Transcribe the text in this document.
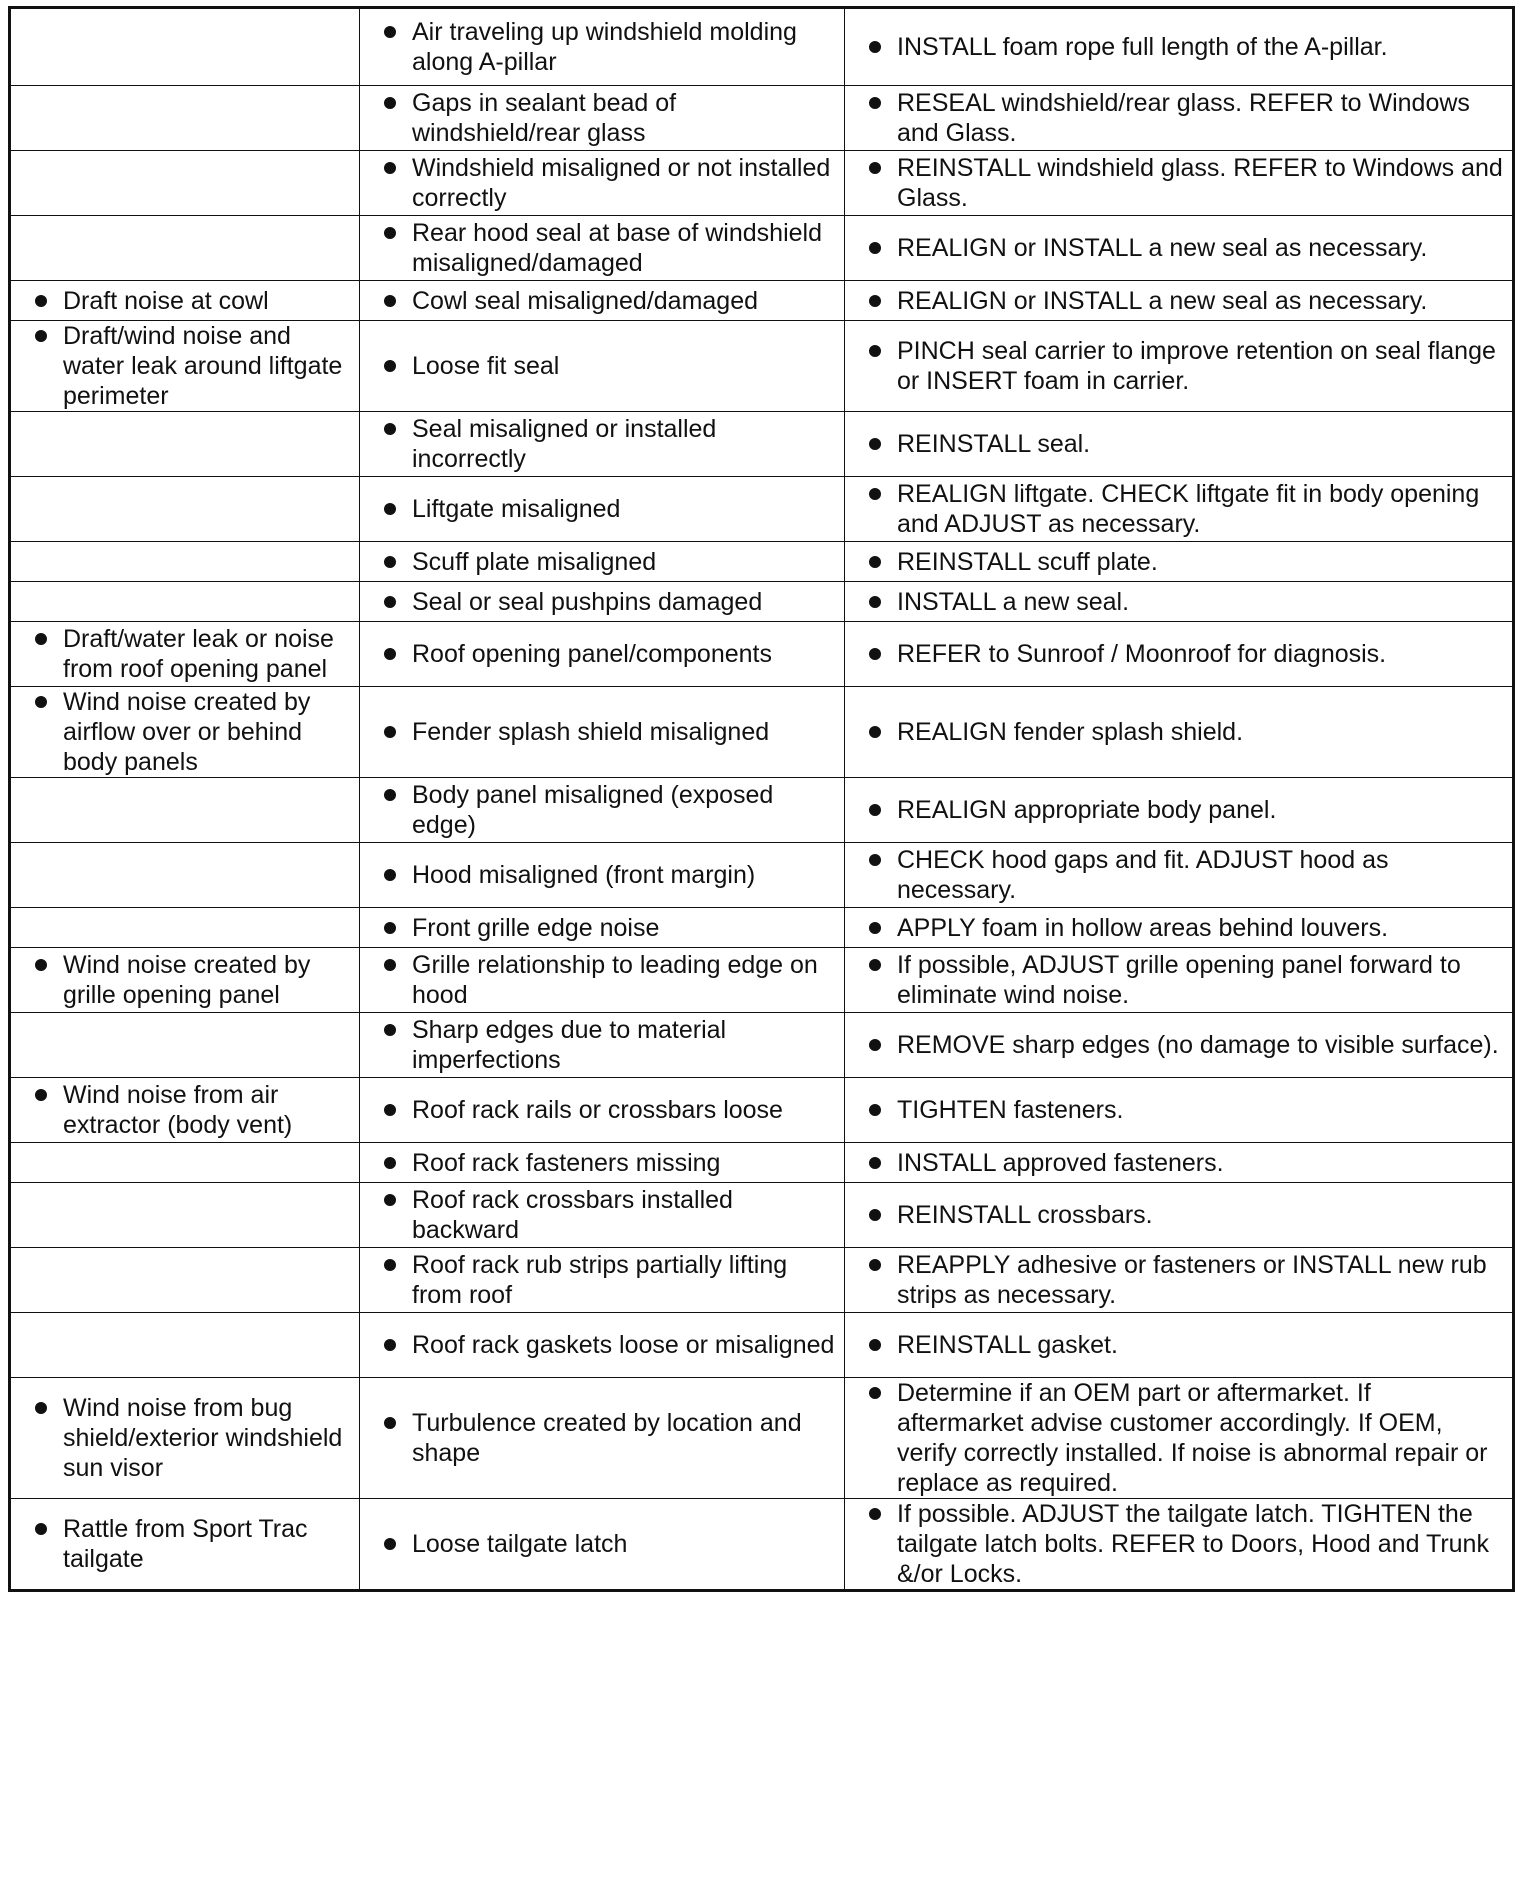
	Air traveling up windshield molding along A-pillar	INSTALL foam rope full length of the A-pillar.

	Gaps in sealant bead of windshield/rear glass	RESEAL windshield/rear glass. REFER to Windows and Glass.

	Windshield misaligned or not installed correctly	REINSTALL windshield glass. REFER to Windows and Glass.

	Rear hood seal at base of windshield misaligned/damaged	REALIGN or INSTALL a new seal as necessary.

Draft noise at cowl	Cowl seal misaligned/damaged	REALIGN or INSTALL a new seal as necessary.

Draft/wind noise and water leak around liftgate perimeter	Loose fit seal	PINCH seal carrier to improve retention on seal flange or INSERT foam in carrier.

	Seal misaligned or installed incorrectly	REINSTALL seal.

	Liftgate misaligned	REALIGN liftgate. CHECK liftgate fit in body opening and ADJUST as necessary.

	Scuff plate misaligned	REINSTALL scuff plate.

	Seal or seal pushpins damaged	INSTALL a new seal.

Draft/water leak or noise from roof opening panel	Roof opening panel/components	REFER to Sunroof / Moonroof for diagnosis.

Wind noise created by airflow over or behind body panels	Fender splash shield misaligned	REALIGN fender splash shield.

	Body panel misaligned (exposed edge)	REALIGN appropriate body panel.

	Hood misaligned (front margin)	CHECK hood gaps and fit. ADJUST hood as necessary.

	Front grille edge noise	APPLY foam in hollow areas behind louvers.

Wind noise created by grille opening panel	Grille relationship to leading edge on hood	If possible, ADJUST grille opening panel forward to eliminate wind noise.

	Sharp edges due to material imperfections	REMOVE sharp edges (no damage to visible surface).

Wind noise from air extractor (body vent)	Roof rack rails or crossbars loose	TIGHTEN fasteners.

	Roof rack fasteners missing	INSTALL approved fasteners.

	Roof rack crossbars installed backward	REINSTALL crossbars.

	Roof rack rub strips partially lifting from roof	REAPPLY adhesive or fasteners or INSTALL new rub strips as necessary.

	Roof rack gaskets loose or misaligned	REINSTALL gasket.

Wind noise from bug shield/exterior windshield sun visor	Turbulence created by location and shape	Determine if an OEM part or aftermarket. If aftermarket advise customer accordingly. If OEM, verify correctly installed. If noise is abnormal repair or replace as required.

Rattle from Sport Trac tailgate	Loose tailgate latch	If possible. ADJUST the tailgate latch. TIGHTEN the tailgate latch bolts. REFER to Doors, Hood and Trunk &/or Locks.
